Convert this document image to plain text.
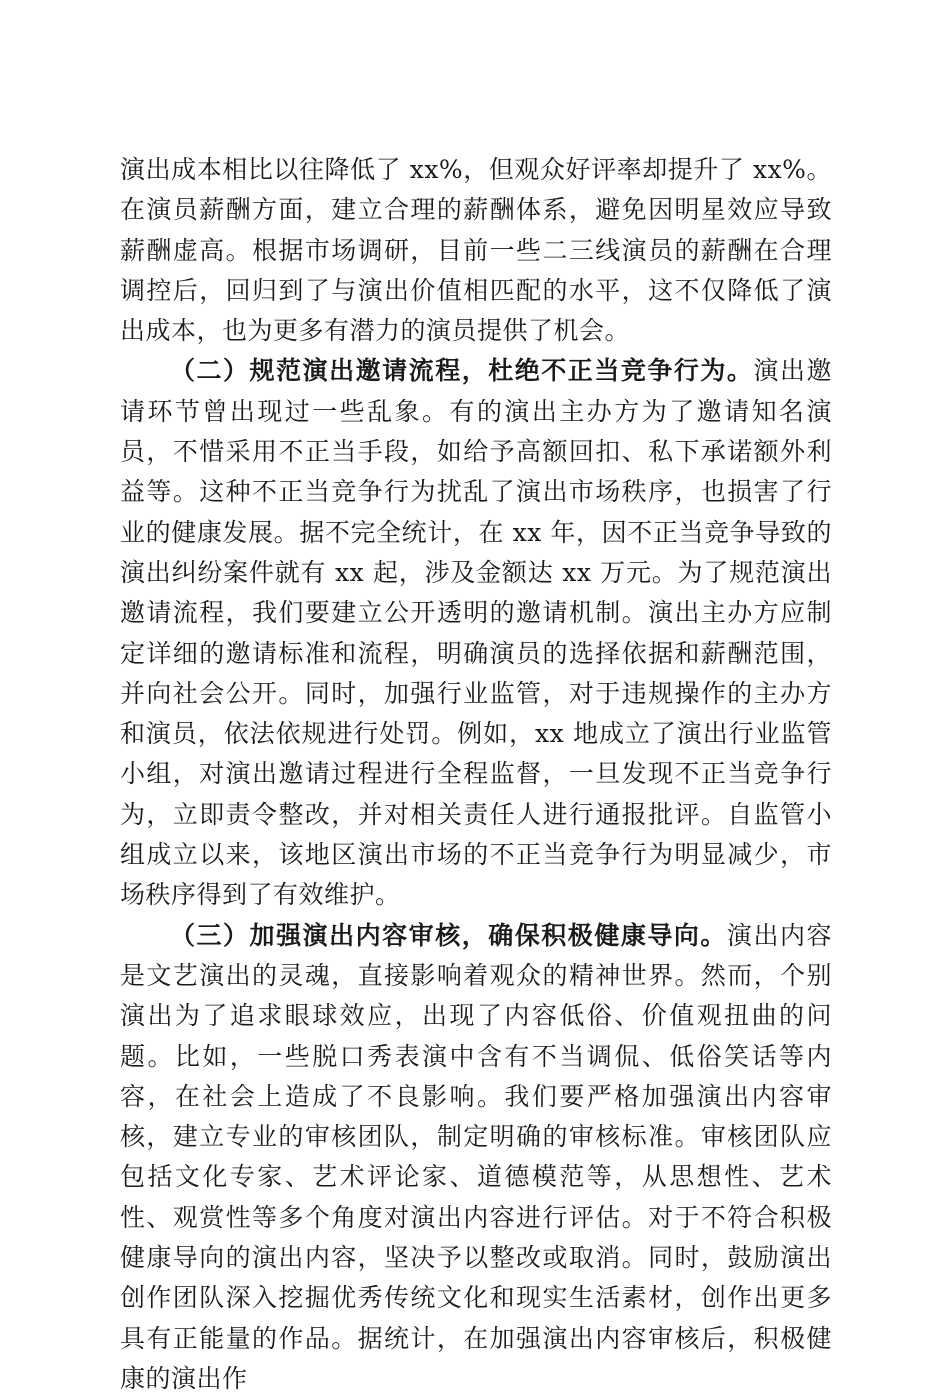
演出成本相比以往降低了 xx%，但观众好评率却提升了 xx%。在演员薪酬方面，建立合理的薪酬体系，避免因明星效应导致薪酬虚高。根据市场调研，目前一些二三线演员的薪酬在合理调控后，回归到了与演出价值相匹配的水平，这不仅降低了演出成本，也为更多有潜力的演员提供了机会。

（二）规范演出邀请流程，杜绝不正当竞争行为。演出邀请环节曾出现过一些乱象。有的演出主办方为了邀请知名演员，不惜采用不正当手段，如给予高额回扣、私下承诺额外利益等。这种不正当竞争行为扰乱了演出市场秩序，也损害了行业的健康发展。据不完全统计，在 xx 年，因不正当竞争导致的演出纠纷案件就有 xx 起，涉及金额达 xx 万元。为了规范演出邀请流程，我们要建立公开透明的邀请机制。演出主办方应制定详细的邀请标准和流程，明确演员的选择依据和薪酬范围，并向社会公开。同时，加强行业监管，对于违规操作的主办方和演员，依法依规进行处罚。例如，xx 地成立了演出行业监管小组，对演出邀请过程进行全程监督，一旦发现不正当竞争行为，立即责令整改，并对相关责任人进行通报批评。自监管小组成立以来，该地区演出市场的不正当竞争行为明显减少，市场秩序得到了有效维护。

（三）加强演出内容审核，确保积极健康导向。演出内容是文艺演出的灵魂，直接影响着观众的精神世界。然而，个别演出为了追求眼球效应，出现了内容低俗、价值观扭曲的问题。比如，一些脱口秀表演中含有不当调侃、低俗笑话等内容，在社会上造成了不良影响。我们要严格加强演出内容审核，建立专业的审核团队，制定明确的审核标准。审核团队应包括文化专家、艺术评论家、道德模范等，从思想性、艺术性、观赏性等多个角度对演出内容进行评估。对于不符合积极健康导向的演出内容，坚决予以整改或取消。同时，鼓励演出创作团队深入挖掘优秀传统文化和现实生活素材，创作出更多具有正能量的作品。据统计，在加强演出内容审核后，积极健康的演出作
